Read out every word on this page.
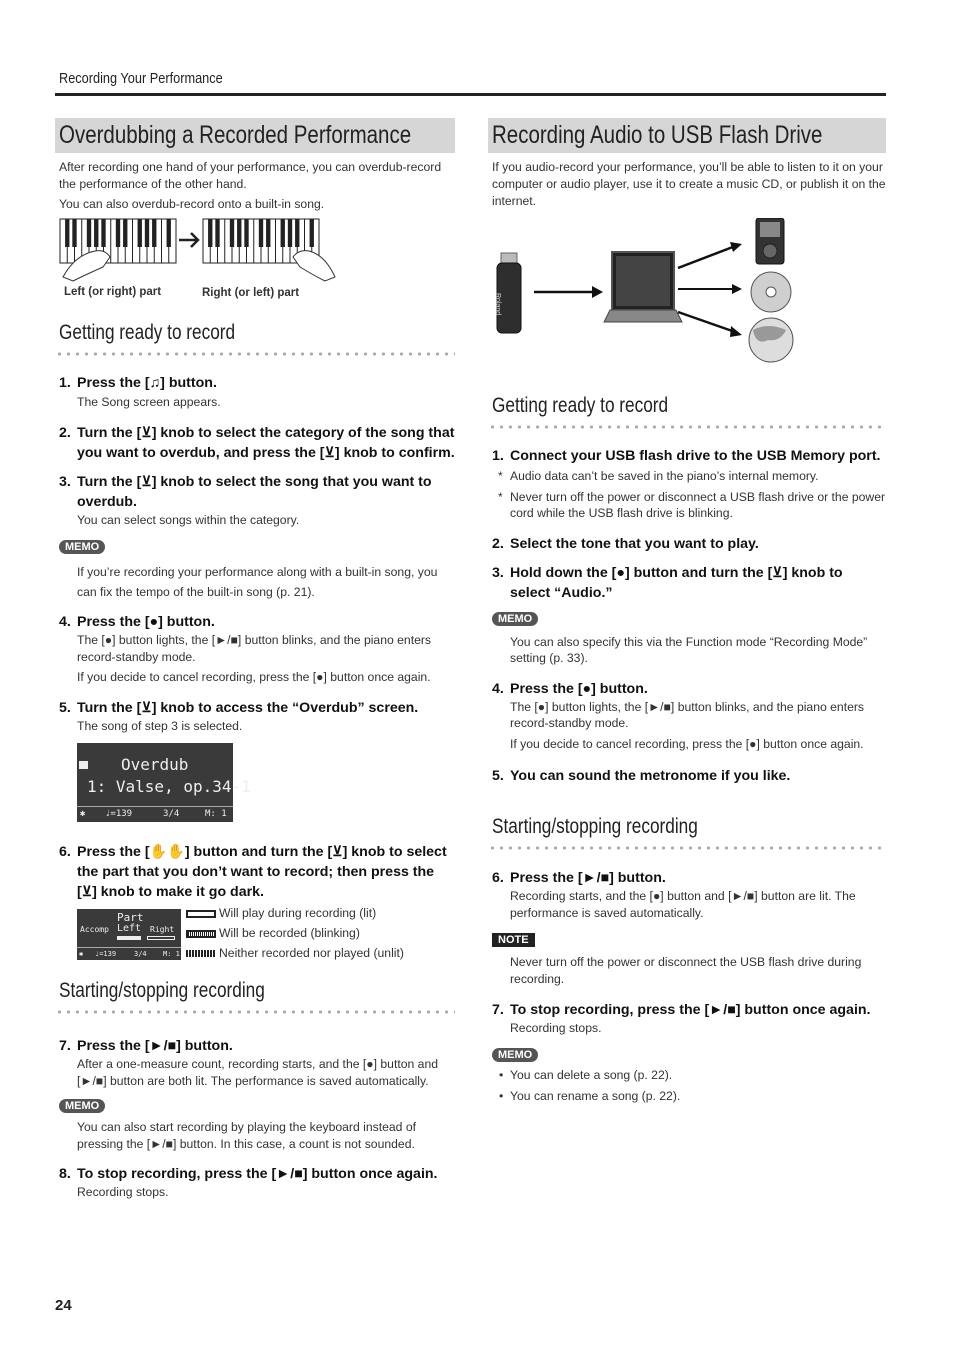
Recording Your Performance
Overdubbing a Recorded Performance
After recording one hand of your performance, you can overdub-record the performance of the other hand.
You can also overdub-record onto a built-in song.
Left (or right) part	Right (or left) part
Getting ready to record
1. Press the [♫] button.
The Song screen appears.
2. Turn the [⊻] knob to select the category of the song that you want to overdub, and press the [⊻] knob to confirm.
3. Turn the [⊻] knob to select the song that you want to overdub.
You can select songs within the category.
MEMO
If you’re recording your performance along with a built-in song, you can fix the tempo of the built-in song (p. 21).
4. Press the [●] button.
The [●] button lights, the [►/■] button blinks, and the piano enters record-standby mode.
If you decide to cancel recording, press the [●] button once again.
5. Turn the [⊻] knob to access the “Overdub” screen.
The song of step 3 is selected.
Overdub
1: Valse, op.34-1
✱ ♩=139	3/4	M: 1
6. Press the [✋✋] button and turn the [⊻] knob to select the part that you don’t want to record; then press the [⊻] knob to make it go dark.
Part
Accomp Left Right
✱ ♩=139	3/4 M: 1
Will play during recording (lit)
Will be recorded (blinking)
Neither recorded nor played (unlit)
Starting/stopping recording
7. Press the [►/■] button.
After a one-measure count, recording starts, and the [●] button and [►/■] button are both lit. The performance is saved automatically.
MEMO
You can also start recording by playing the keyboard instead of pressing the [►/■] button. In this case, a count is not sounded.
8. To stop recording, press the [►/■] button once again.
Recording stops.
Recording Audio to USB Flash Drive
If you audio-record your performance, you’ll be able to listen to it on your computer or audio player, use it to create a music CD, or publish it on the internet.
Roland
Getting ready to record
1. Connect your USB flash drive to the USB Memory port.
* Audio data can’t be saved in the piano’s internal memory.
* Never turn off the power or disconnect a USB flash drive or the power cord while the USB flash drive is blinking.
2. Select the tone that you want to play.
3. Hold down the [●] button and turn the [⊻] knob to select “Audio.”
MEMO
You can also specify this via the Function mode “Recording Mode” setting (p. 33).
4. Press the [●] button.
The [●] button lights, the [►/■] button blinks, and the piano enters record-standby mode.
If you decide to cancel recording, press the [●] button once again.
5. You can sound the metronome if you like.
Starting/stopping recording
6. Press the [►/■] button.
Recording starts, and the [●] button and [►/■] button are lit. The performance is saved automatically.
NOTE
Never turn off the power or disconnect the USB flash drive during recording.
7. To stop recording, press the [►/■] button once again.
Recording stops.
MEMO
• You can delete a song (p. 22).
• You can rename a song (p. 22).
24
